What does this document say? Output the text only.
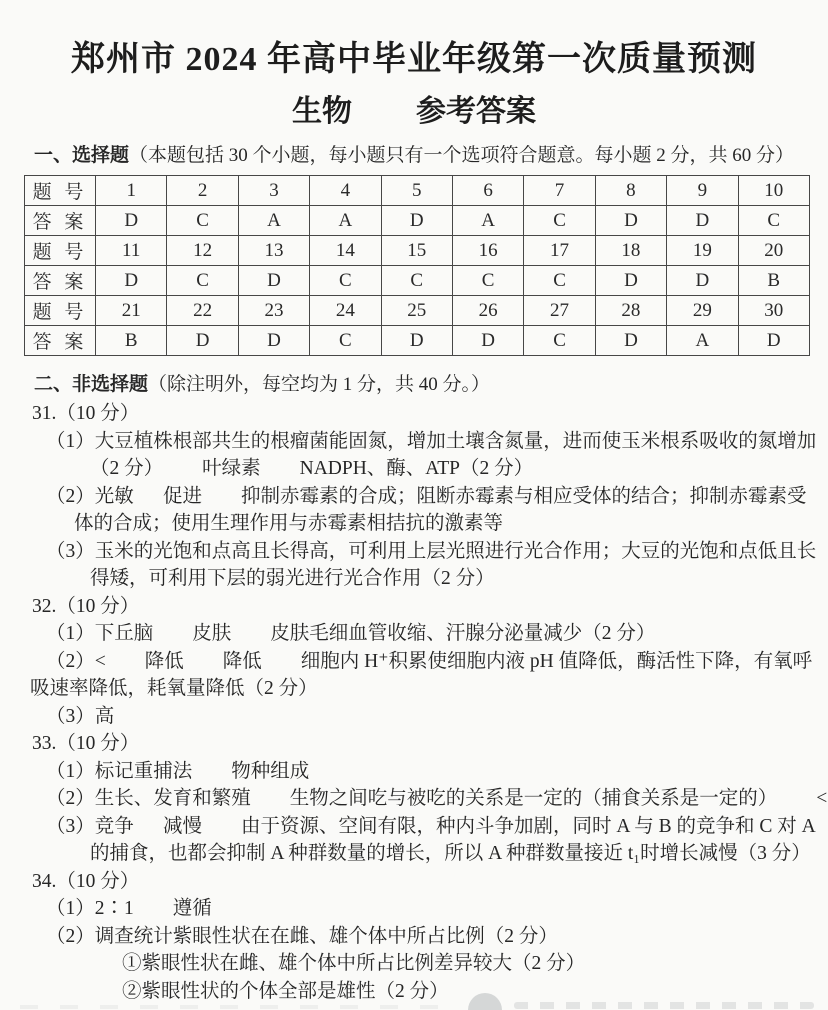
郑州市 2024 年高中毕业年级第一次质量预测
生物 参考答案
一、选择题（本题包括 30 个小题，每小题只有一个选项符合题意。每小题 2 分，共 60 分）
题 号	1	2	3	4	5	6	7	8	9	10
答 案	D	C	A	A	D	A	C	D	D	C
题 号	11	12	13	14	15	16	17	18	19	20
答 案	D	C	D	C	C	C	C	D	D	B
题 号	21	22	23	24	25	26	27	28	29	30
答 案	B	D	D	C	D	D	C	D	A	D
二、非选择题（除注明外，每空均为 1 分，共 40 分。）
31.（10 分）
（1）大豆植株根部共生的根瘤菌能固氮，增加土壤含氮量，进而使玉米根系吸收的氮增加
（2 分）        叶绿素        NADPH、酶、ATP（2 分）
（2）光敏      促进        抑制赤霉素的合成；阻断赤霉素与相应受体的结合；抑制赤霉素受
体的合成；使用生理作用与赤霉素相拮抗的激素等
（3）玉米的光饱和点高且长得高，可利用上层光照进行光合作用；大豆的光饱和点低且长
得矮，可利用下层的弱光进行光合作用（2 分）
32.（10 分）
（1）下丘脑        皮肤        皮肤毛细血管收缩、汗腺分泌量减少（2 分）
（2）<        降低        降低        细胞内 H⁺积累使细胞内液 pH 值降低，酶活性下降，有氧呼
吸速率降低，耗氧量降低（2 分）
（3）高
33.（10 分）
（1）标记重捕法        物种组成
（2）生长、发育和繁殖        生物之间吃与被吃的关系是一定的（捕食关系是一定的）        <
（3）竞争      减慢        由于资源、空间有限，种内斗争加剧，同时 A 与 B 的竞争和 C 对 A
的捕食，也都会抑制 A 种群数量的增长，所以 A 种群数量接近 t₁时增长减慢（3 分）
34.（10 分）
（1）2∶1        遵循
（2）调查统计紫眼性状在在雌、雄个体中所占比例（2 分）
①紫眼性状在雌、雄个体中所占比例差异较大（2 分）
②紫眼性状的个体全部是雄性（2 分）
